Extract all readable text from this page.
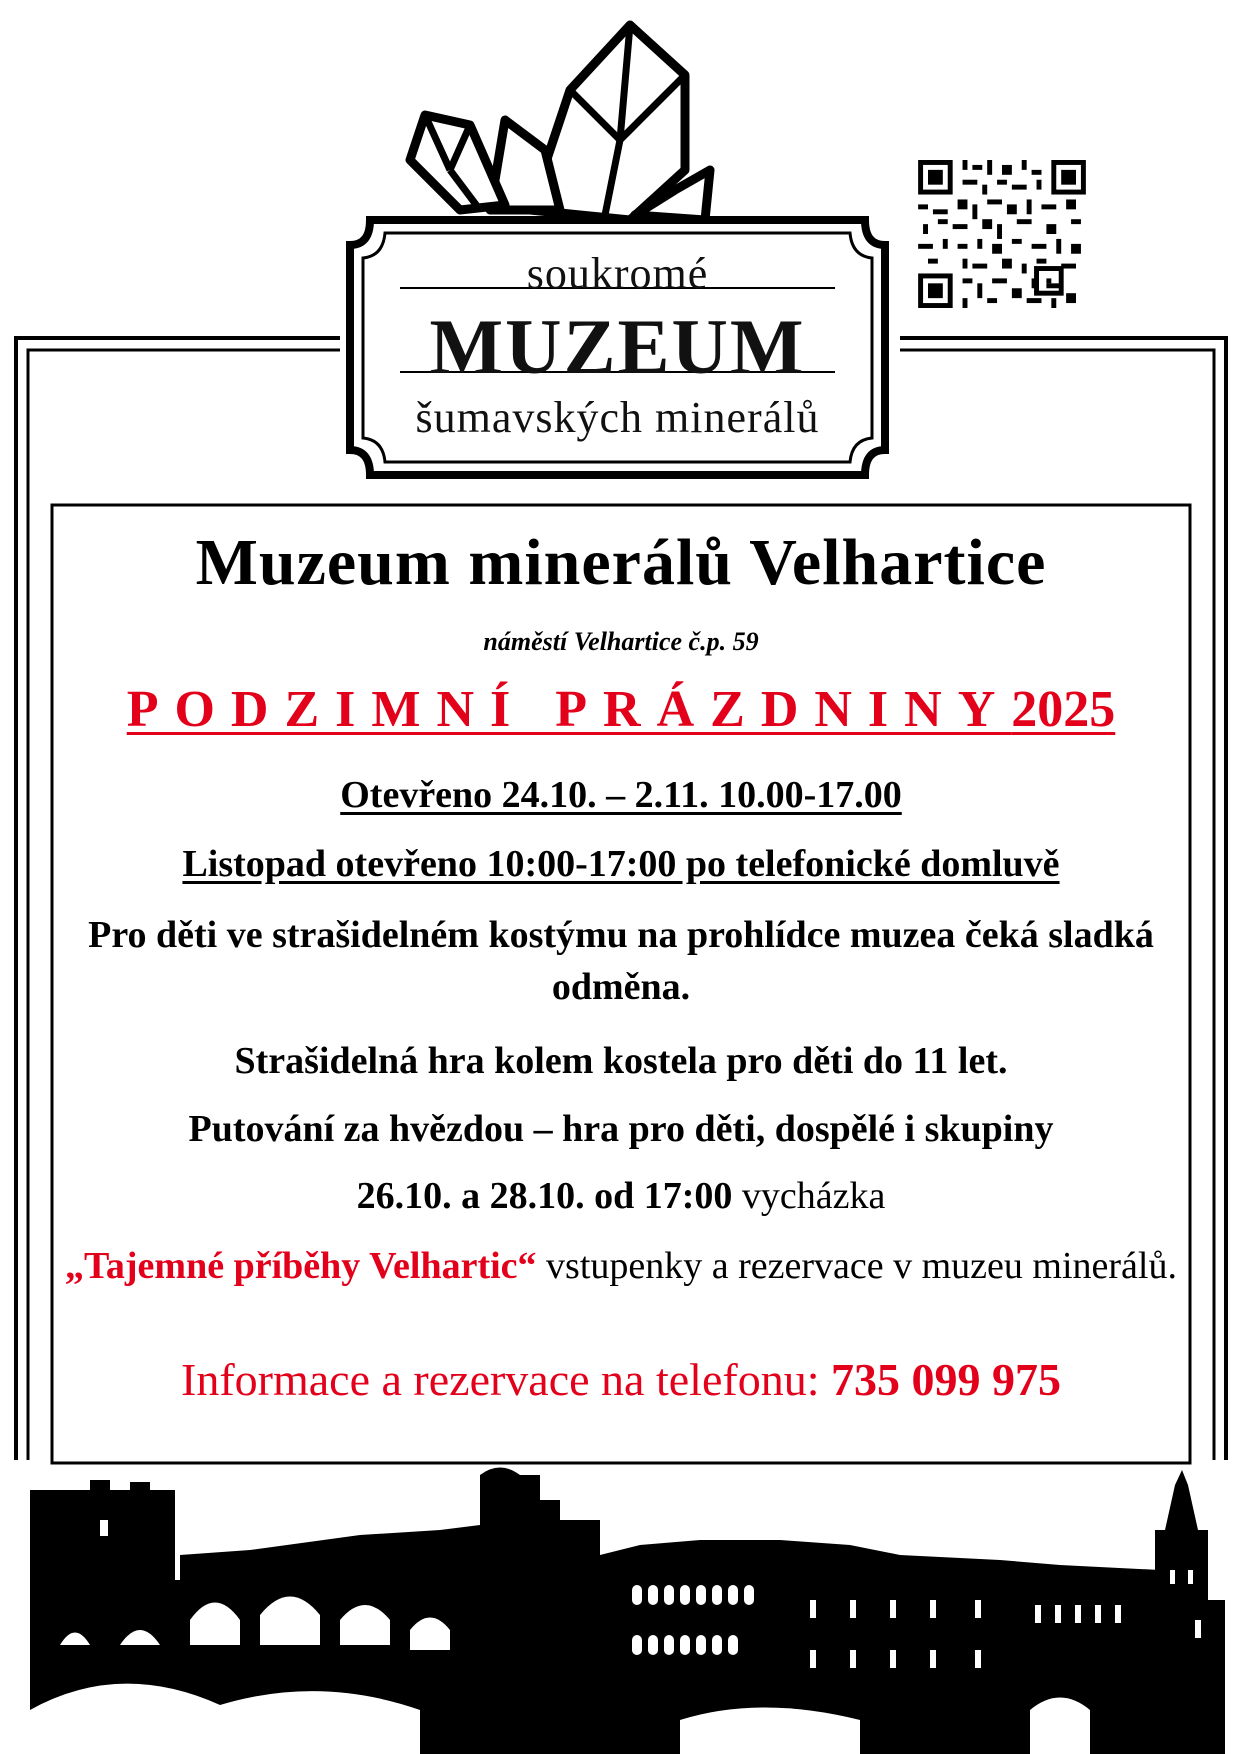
soukromé
MUZEUM
šumavských minerálů
Muzeum minerálů Velhartice
náměstí Velhartice č.p. 59
PODZIMNÍ PRÁZDNINY2025
Otevřeno 24.10. – 2.11. 10.00-17.00
Listopad otevřeno 10:00-17:00 po telefonické domluvě
Pro děti ve strašidelném kostýmu na prohlídce muzea čeká sladká odměna.
Strašidelná hra kolem kostela pro děti do 11 let.
Putování za hvězdou – hra pro děti, dospělé i skupiny
26.10. a 28.10. od 17:00 vycházka
„Tajemné příběhy Velhartic“ vstupenky a rezervace v muzeu minerálů.
Informace a rezervace na telefonu: 735 099 975
